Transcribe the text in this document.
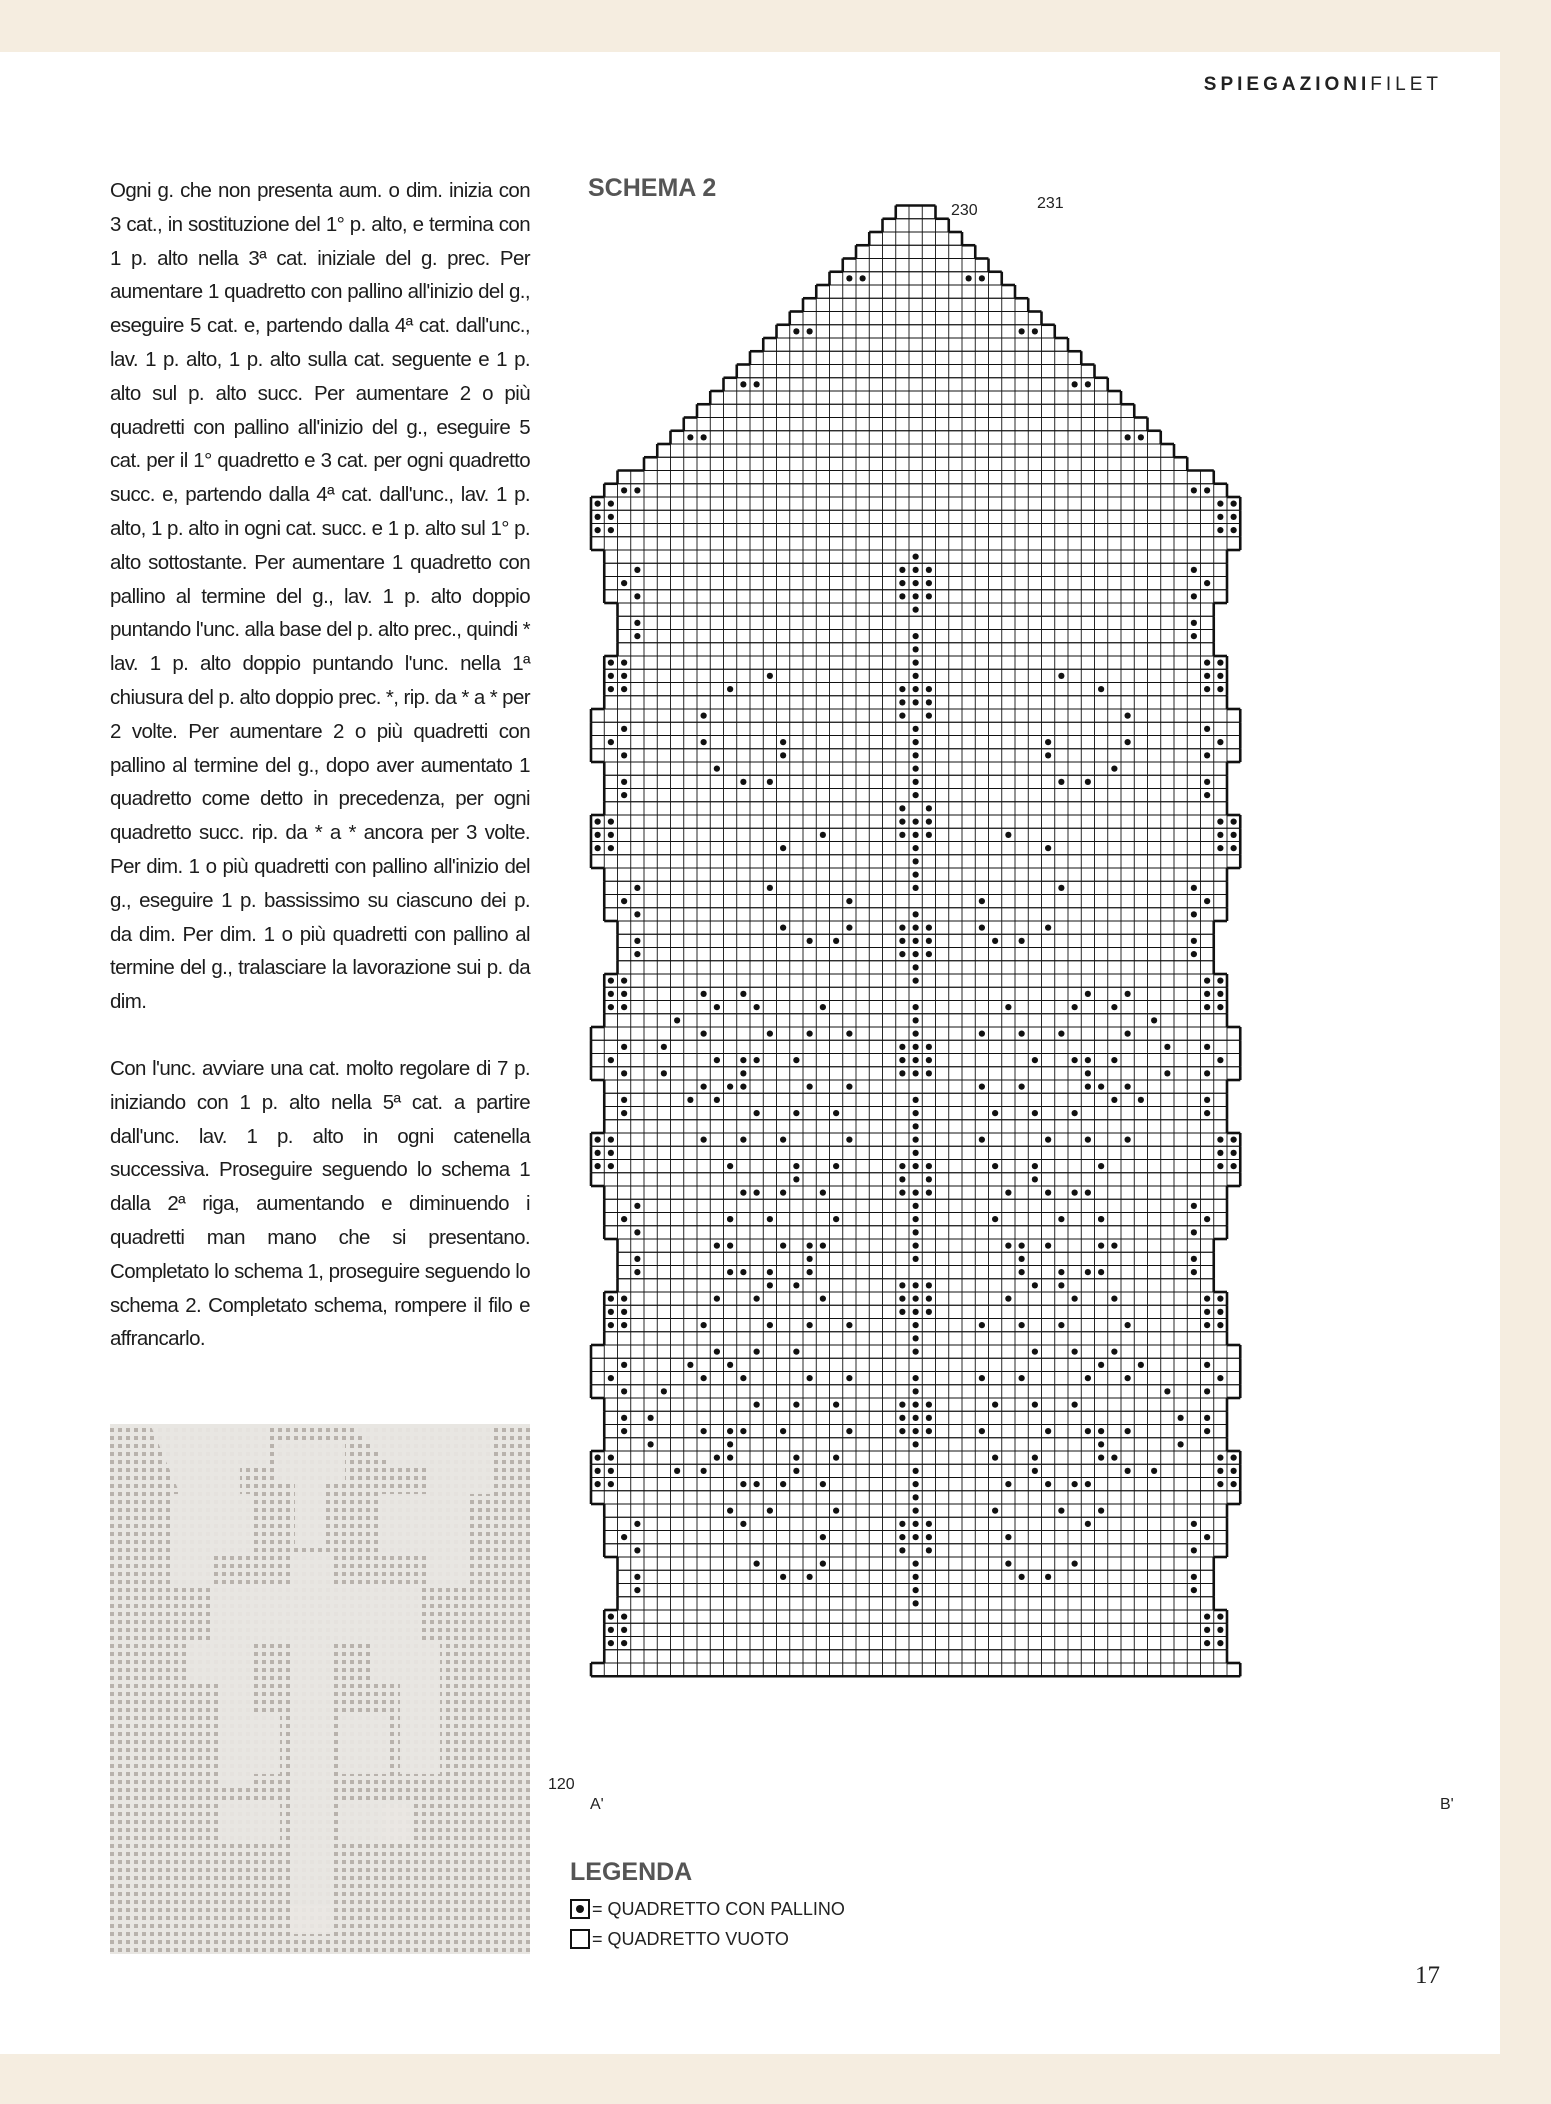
SPIEGAZIONIFILET

Ogni g. che non presenta aum. o dim. inizia con 3 cat., in sostituzione del 1° p. alto, e termina con 1 p. alto nella 3ª cat. iniziale del g. prec. Per aumentare 1 quadretto con pallino all'inizio del g., eseguire 5 cat. e, partendo dalla 4ª cat. dall'unc., lav. 1 p. alto, 1 p. alto sulla cat. seguente e 1 p. alto sul p. alto succ. Per aumentare 2 o più quadretti con pallino all'inizio del g., eseguire 5 cat. per il 1° quadretto e 3 cat. per ogni quadretto succ. e, partendo dalla 4ª cat. dall'unc., lav. 1 p. alto, 1 p. alto in ogni cat. succ. e 1 p. alto sul 1° p. alto sottostante. Per aumentare 1 quadretto con pallino al termine del g., lav. 1 p. alto doppio puntando l'unc. alla base del p. alto prec., quindi * lav. 1 p. alto doppio puntando l'unc. nella 1ª chiusura del p. alto doppio prec. *, rip. da * a * per 2 volte. Per aumentare 2 o più quadretti con pallino al termine del g., dopo aver aumentato 1 quadretto come detto in precedenza, per ogni quadretto succ. rip. da * a * ancora per 3 volte. Per dim. 1 o più quadretti con pallino all'inizio del g., eseguire 1 p. bassissimo su ciascuno dei p. da dim. Per dim. 1 o più quadretti con pallino al termine del g., tralasciare la lavorazione sui p. da dim.

Con l'unc. avviare una cat. molto regolare di 7 p. iniziando con 1 p. alto nella 5ª cat. a partire dall'unc. lav. 1 p. alto in ogni catenella successiva. Proseguire seguendo lo schema 1 dalla 2ª riga, aumentando e diminuendo i quadretti man mano che si presentano. Completato lo schema 1, proseguire seguendo lo schema 2. Completato schema, rompere il filo e affrancarlo.

SCHEMA 2
230	231
120
A'	B'
LEGENDA
= QUADRETTO CON PALLINO
= QUADRETTO VUOTO
17
